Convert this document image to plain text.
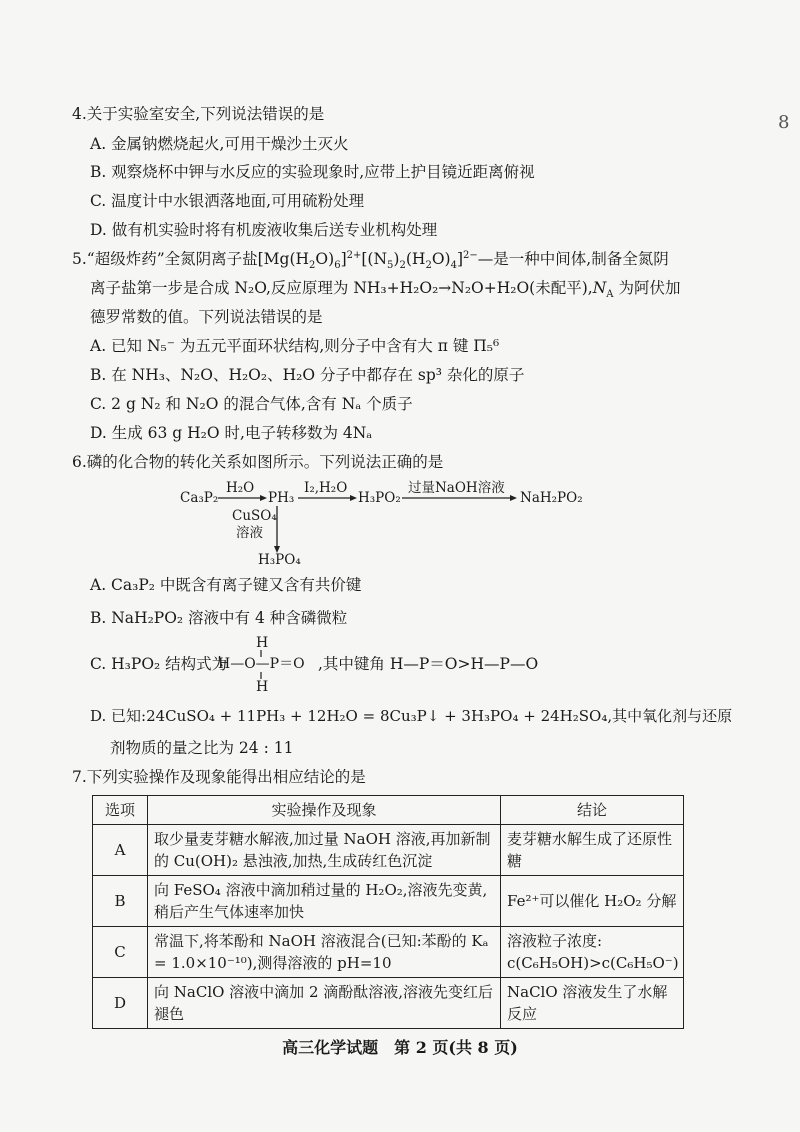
8
4.关于实验室安全,下列说法错误的是
A. 金属钠燃烧起火,可用干燥沙土灭火
B. 观察烧杯中钾与水反应的实验现象时,应带上护目镜近距离俯视
C. 温度计中水银洒落地面,可用硫粉处理
D. 做有机实验时将有机废液收集后送专业机构处理
5.“超级炸药”全氮阴离子盐$[Mg(H_2O)_6]^{2+}[(N_5)_2(H_2O)_4]^{2-}—$是一种中间体,制备全氮阴
离子盐第一步是合成 N₂O,反应原理为 NH₃+H₂O₂→N₂O+H₂O(未配平)$,N_A$ 为阿伏加
德罗常数的值。下列说法错误的是
A. 已知 N₅⁻ 为五元平面环状结构,则分子中含有大 π 键 Π₅⁶
B. 在 NH₃、N₂O、H₂O₂、H₂O 分子中都存在 sp³ 杂化的原子
C. 2 g N₂ 和 N₂O 的混合气体,含有 Nₐ 个质子
D. 生成 63 g H₂O 时,电子转移数为 4Nₐ
6.磷的化合物的转化关系如图所示。下列说法正确的是
Ca₃P₂
H₂O
PH₃
I₂,H₂O
H₃PO₂
过量NaOH溶液
NaH₂PO₂
CuSO₄
溶液
H₃PO₄
A. Ca₃P₂ 中既含有离子键又含有共价键
B. NaH₂PO₂ 溶液中有 4 种含磷微粒
C. H₃PO₂ 结构式为
H
H—O—P＝O
H
,其中键角 H—P＝O>H—P—O
D. 已知:24CuSO₄ + 11PH₃ + 12H₂O = 8Cu₃P↓ + 3H₃PO₄ + 24H₂SO₄,其中氧化剂与还原
剂物质的量之比为 24 : 11
7.下列实验操作及现象能得出相应结论的是
选项	实验操作及现象	结论
A	取少量麦芽糖水解液,加过量 NaOH 溶液,再加新制的 Cu(OH)₂ 悬浊液,加热,生成砖红色沉淀	麦芽糖水解生成了还原性糖
B	向 FeSO₄ 溶液中滴加稍过量的 H₂O₂,溶液先变黄,稍后产生气体速率加快	Fe²⁺可以催化 H₂O₂ 分解
C	常温下,将苯酚和 NaOH 溶液混合(已知:苯酚的 Kₐ = 1.0×10⁻¹⁰),测得溶液的 pH=10	溶液粒子浓度: c(C₆H₅OH)>c(C₆H₅O⁻)
D	向 NaClO 溶液中滴加 2 滴酚酞溶液,溶液先变红后褪色	NaClO 溶液发生了水解反应
高三化学试题　第 2 页(共 8 页)
